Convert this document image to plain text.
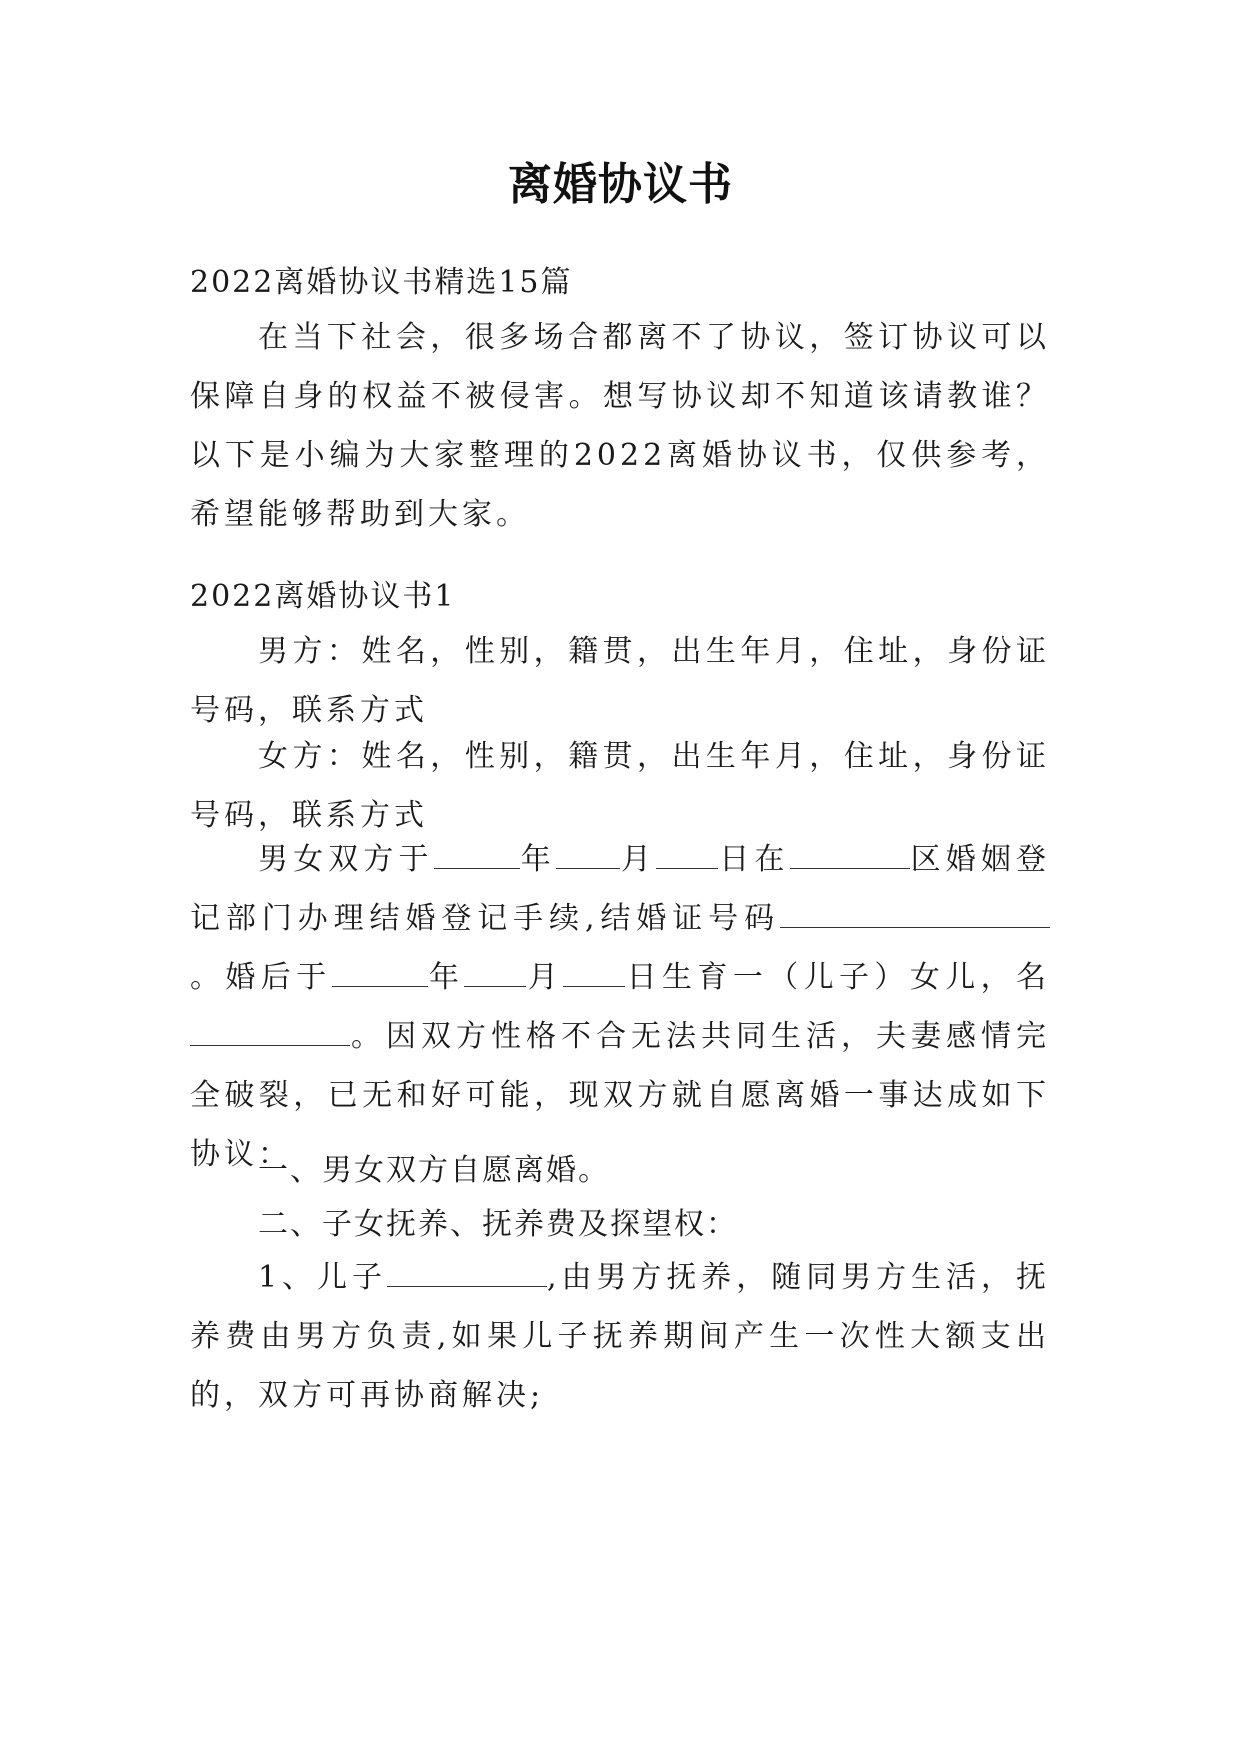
离婚协议书

2022离婚协议书精选15篇

在当下社会，很多场合都离不了协议，签订协议可以保障自身的权益不被侵害。想写协议却不知道该请教谁？以下是小编为大家整理的2022离婚协议书，仅供参考，希望能够帮助到大家。

2022离婚协议书1

男方：姓名，性别，籍贯，出生年月，住址，身份证号码，联系方式

女方：姓名，性别，籍贯，出生年月，住址，身份证号码，联系方式

男女双方于	年 月 日在	区婚姻登记部门办理结婚登记手续,结婚证号码。婚后于	年 月 日生育一（儿子）女儿，名。因双方性格不合无法共同生活，夫妻感情完全破裂，已无和好可能，现双方就自愿离婚一事达成如下协议：

一、男女双方自愿离婚。

二、子女抚养、抚养费及探望权：

1、儿子	,由男方抚养，随同男方生活，抚养费由男方负责,如果儿子抚养期间产生一次性大额支出的，双方可再协商解决;
